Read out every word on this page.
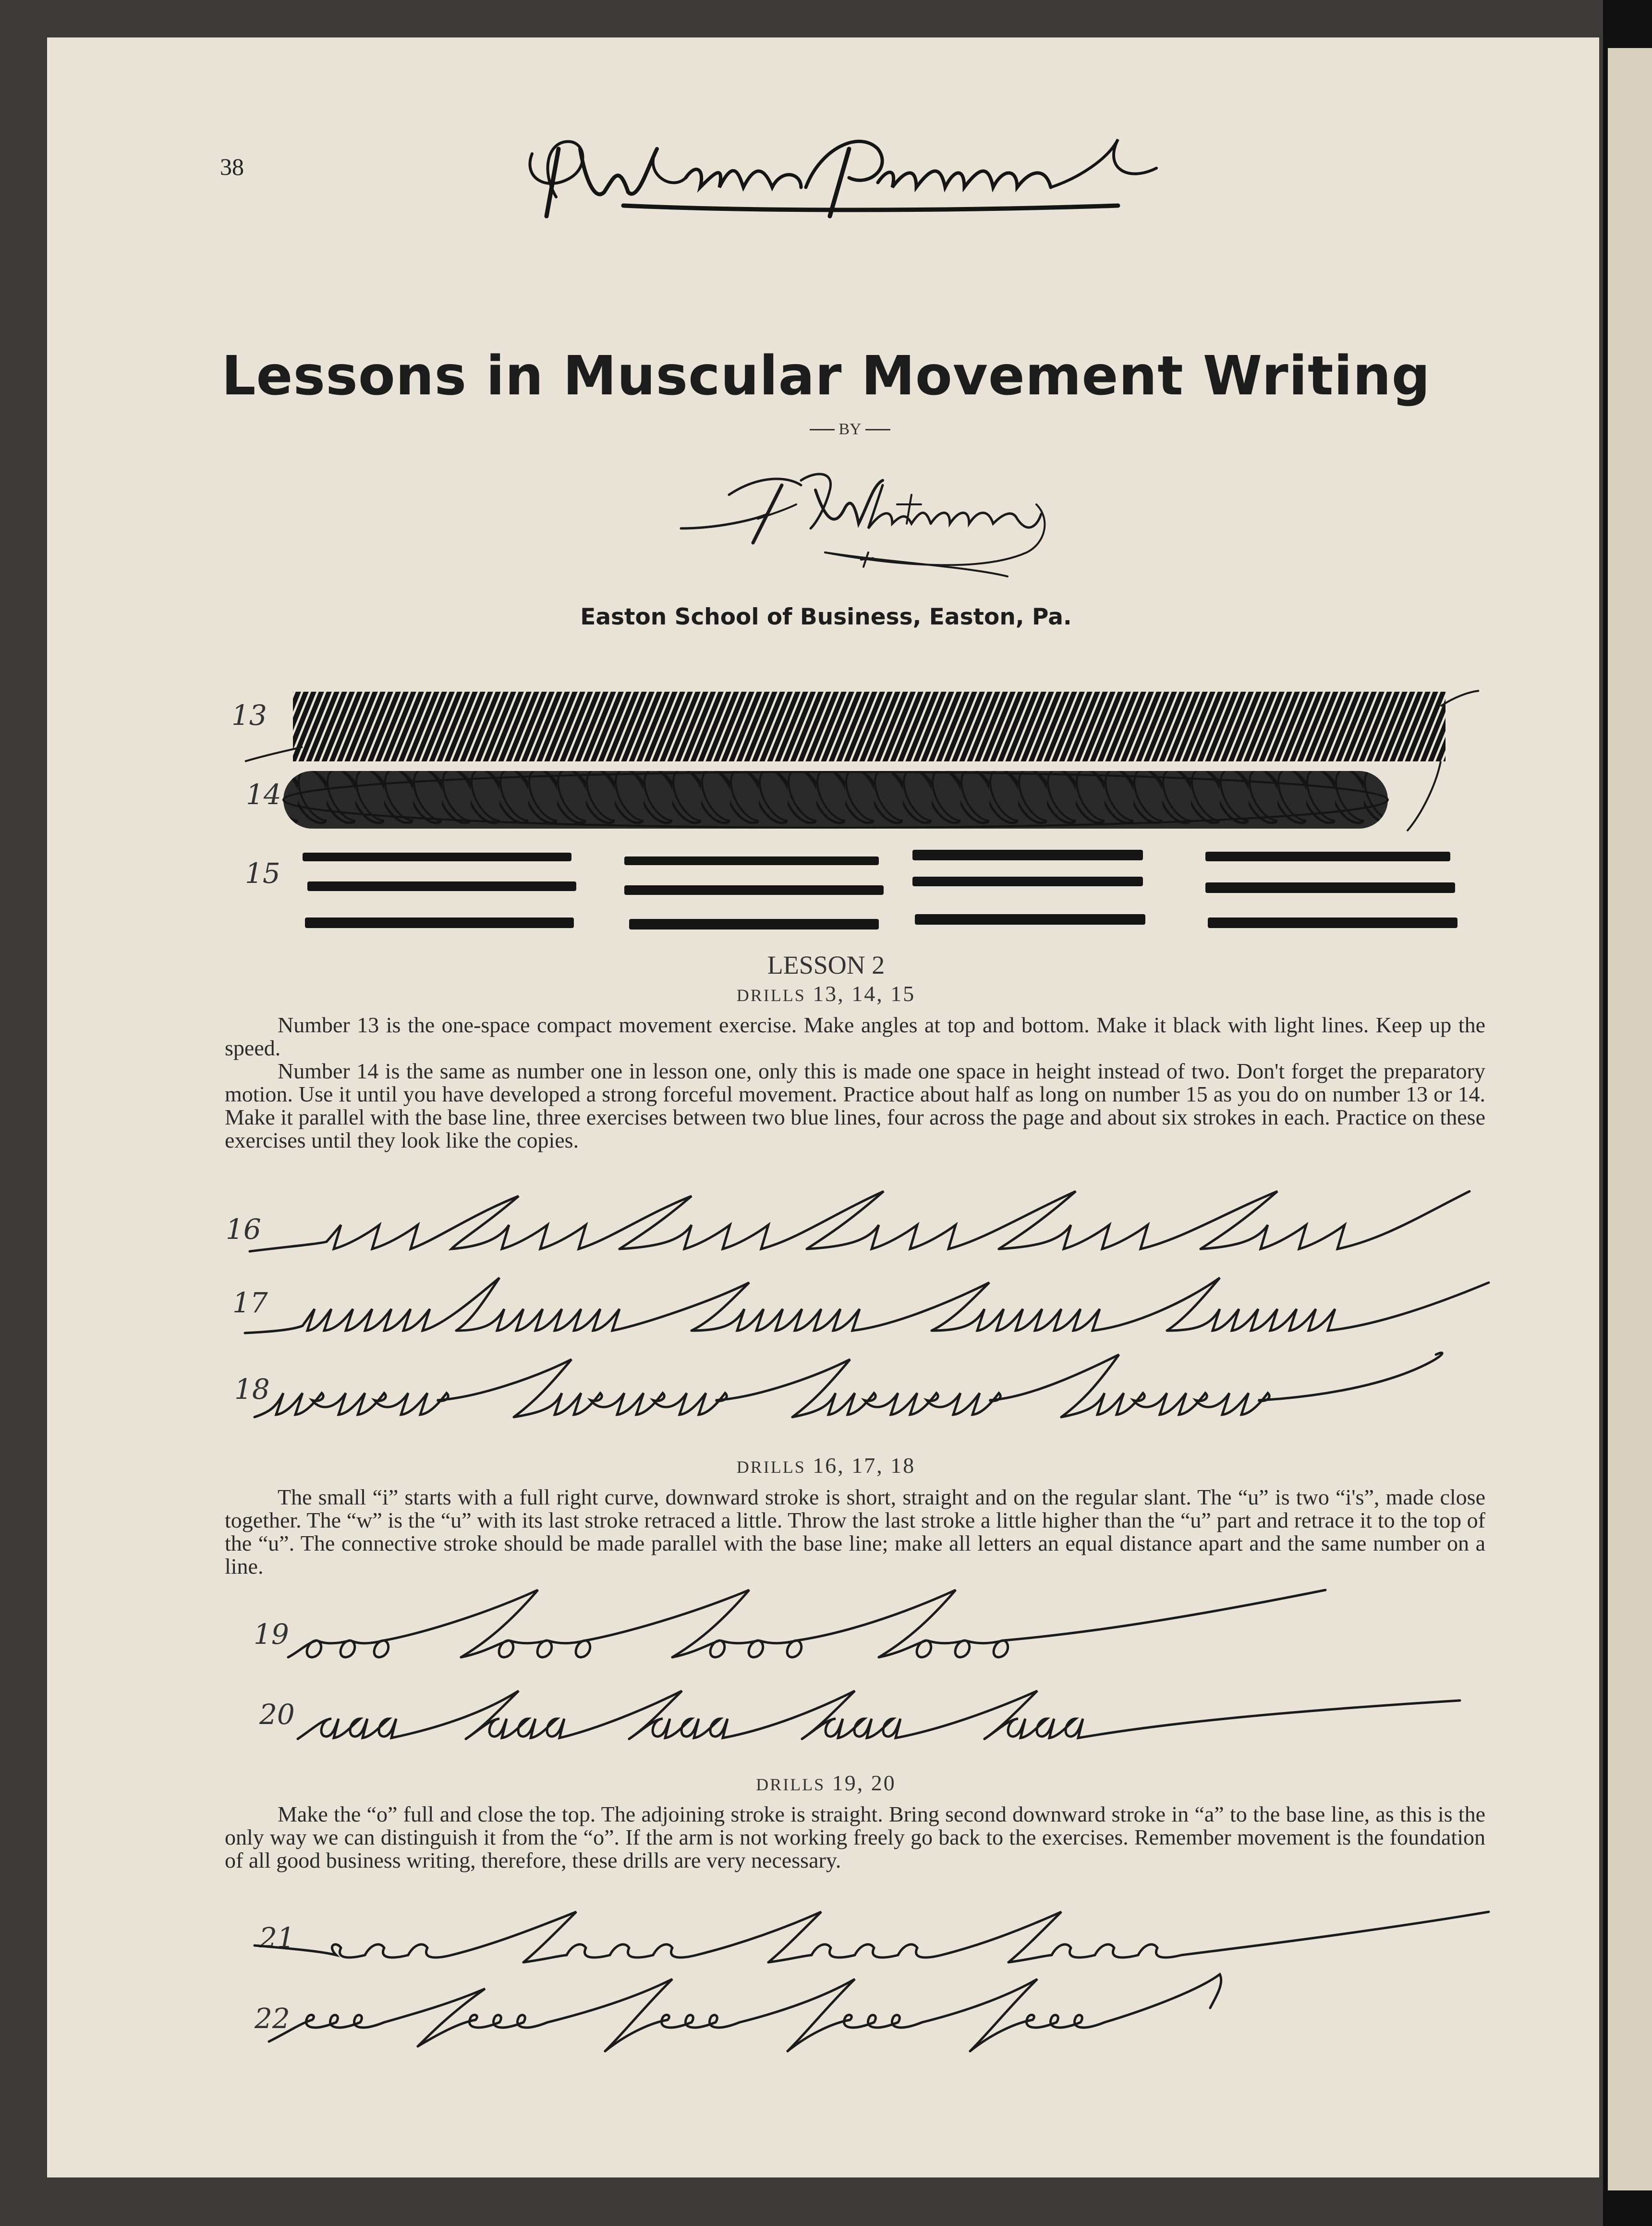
38
Lessons in Muscular Movement Writing
BY
Easton School of Business, Easton, Pa.
13
14
15
LESSON 2
DRILLS 13, 14, 15
Number 13 is the one-space compact movement exercise. Make angles at top and bottom. Make it black with light lines. Keep up the speed.
Number 14 is the same as number one in lesson one, only this is made one space in height instead of two. Don't forget the preparatory motion. Use it until you have developed a strong forceful movement. Practice about half as long on number 15 as you do on number 13 or 14. Make it parallel with the base line, three exercises between two blue lines, four across the page and about six strokes in each. Practice on these exercises until they look like the copies.
16
17
18
DRILLS 16, 17, 18
The small “i” starts with a full right curve, downward stroke is short, straight and on the regular slant. The “u” is two “i's”, made close together. The “w” is the “u” with its last stroke retraced a little. Throw the last stroke a little higher than the “u” part and retrace it to the top of the “u”. The connective stroke should be made parallel with the base line; make all letters an equal distance apart and the same number on a line.
19
20
DRILLS 19, 20
Make the “o” full and close the top. The adjoining stroke is straight. Bring second downward stroke in “a” to the base line, as this is the only way we can distinguish it from the “o”. If the arm is not working freely go back to the exercises. Remember movement is the foundation of all good business writing, therefore, these drills are very necessary.
21
22
